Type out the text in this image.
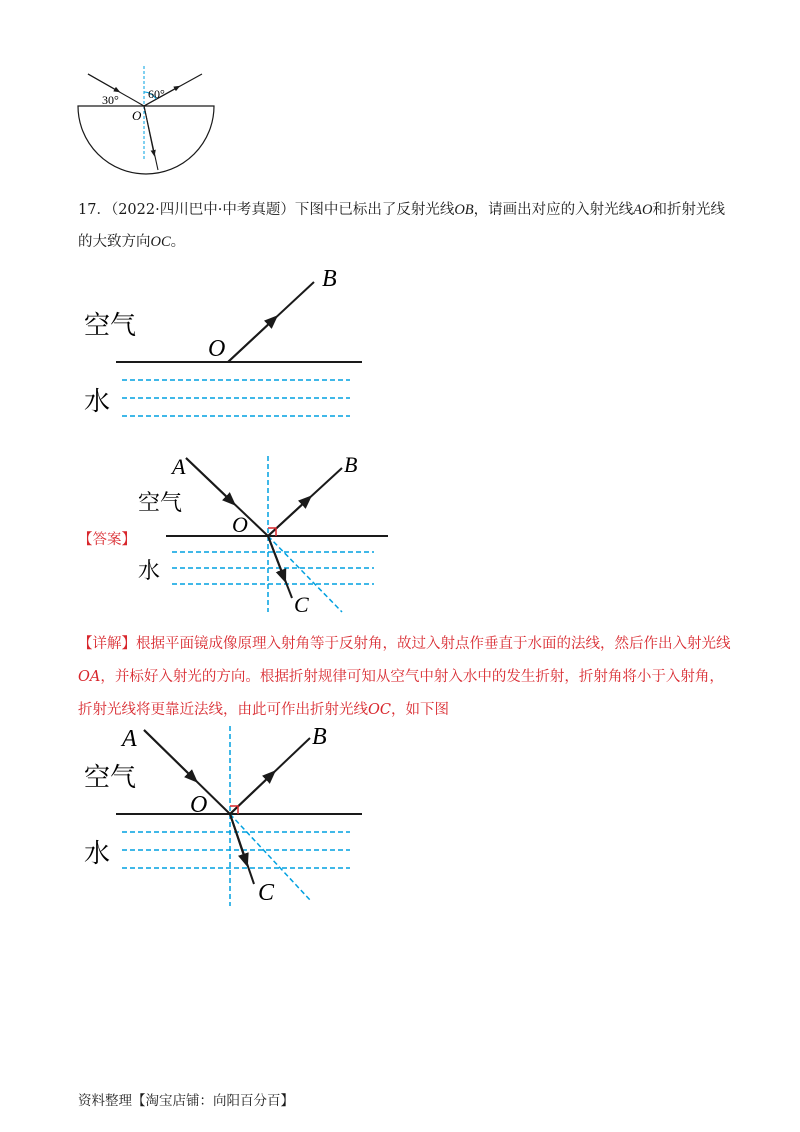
30° 60°
O
17．（2022·四川巴中·中考真题）下图中已标出了反射光线OB，请画出对应的入射光线AO和折射光线
的大致方向OC。
空气
水
O
B
【答案】
空气
水
A	B
O
C
【详解】根据平面镜成像原理入射角等于反射角，故过入射点作垂直于水面的法线，然后作出入射光线OA，并标好入射光的方向。根据折射规律可知从空气中射入水中的发生折射，折射角将小于入射角，折射光线将更靠近法线，由此可作出折射光线OC，如下图
空气
水
A	B
O
C
资料整理【淘宝店铺：向阳百分百】
